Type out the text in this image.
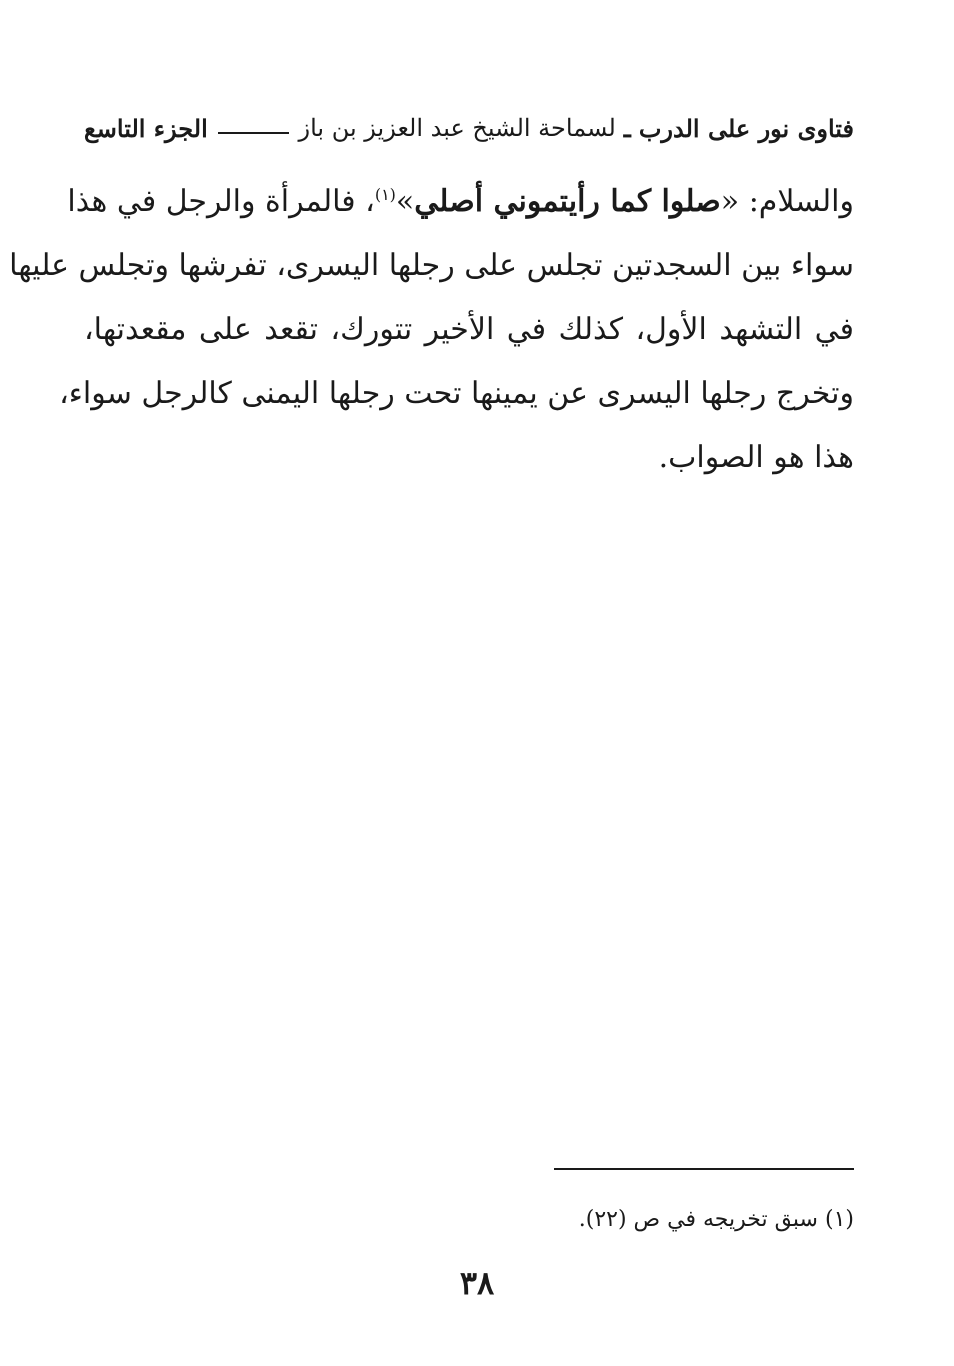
فتاوى نور على الدرب
ـ
لسماحة الشيخ عبد العزيز بن باز
الجزء التاسع
والسلام: «صلوا كما رأيتموني أصلي»$^{(١)}$، فالمرأة والرجل في هذا
سواء بين السجدتين تجلس على رجلها اليسرى، تفرشها وتجلس عليها
في التشهد الأول، كذلك في الأخير تتورك، تقعد على مقعدتها،
وتخرج رجلها اليسرى عن يمينها تحت رجلها اليمنى كالرجل سواء،
هذا هو الصواب.
(١) سبق تخريجه في ص (٢٢).
٣٨
